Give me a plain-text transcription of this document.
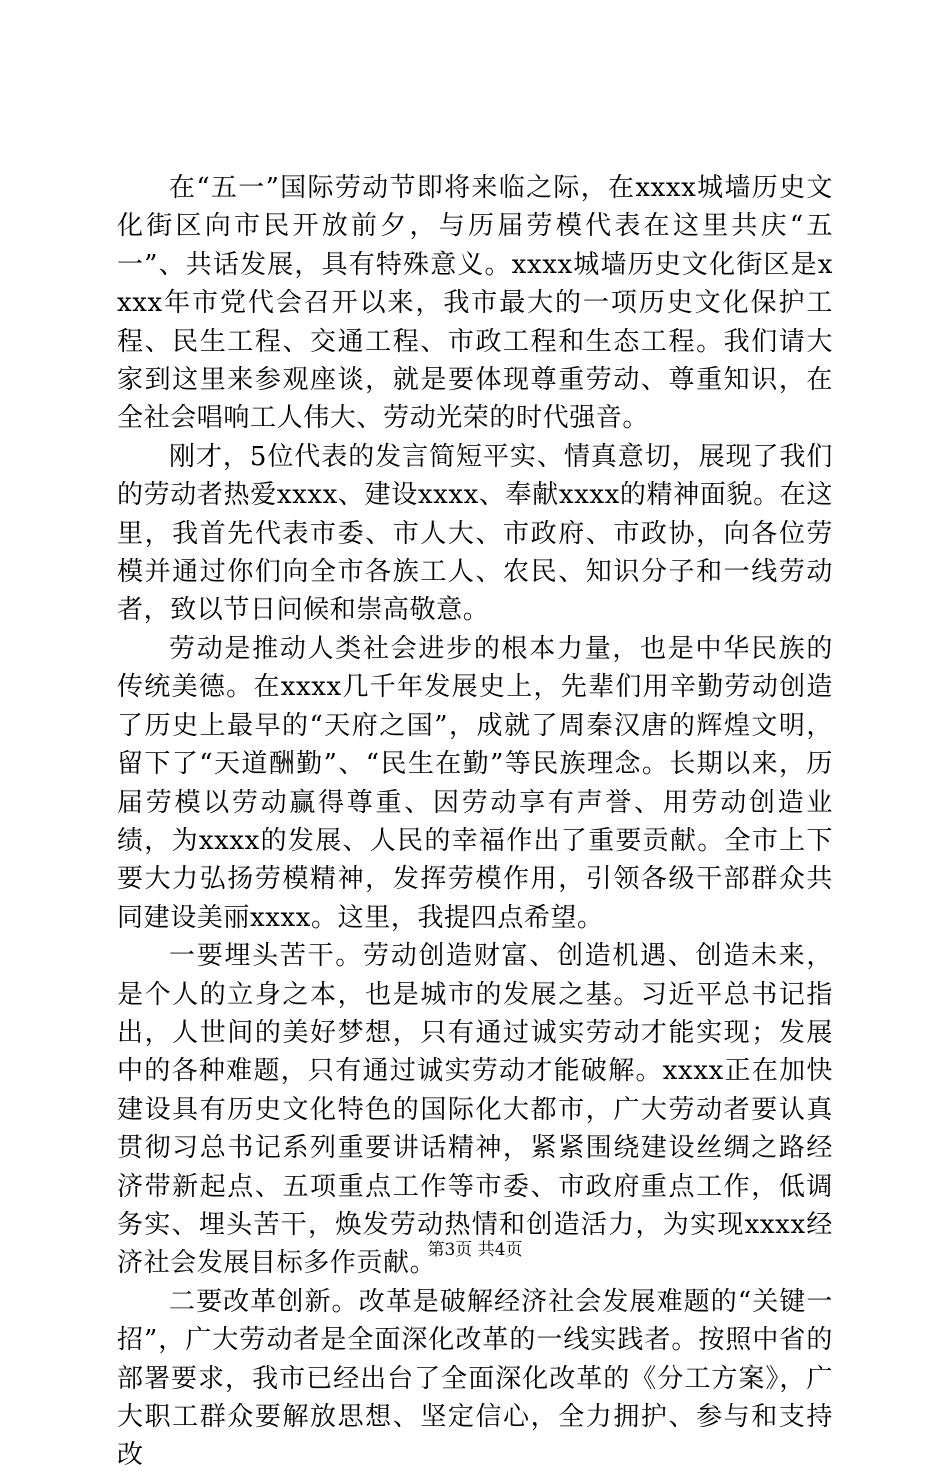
在“五一”国际劳动节即将来临之际，在xxxx城墙历史文化街区向市民开放前夕，与历届劳模代表在这里共庆“五一”、共话发展，具有特殊意义。xxxx城墙历史文化街区是xxxx年市党代会召开以来，我市最大的一项历史文化保护工程、民生工程、交通工程、市政工程和生态工程。我们请大家到这里来参观座谈，就是要体现尊重劳动、尊重知识，在全社会唱响工人伟大、劳动光荣的时代强音。

刚才，5位代表的发言简短平实、情真意切，展现了我们的劳动者热爱xxxx、建设xxxx、奉献xxxx的精神面貌。在这里，我首先代表市委、市人大、市政府、市政协，向各位劳模并通过你们向全市各族工人、农民、知识分子和一线劳动者，致以节日问候和崇高敬意。

劳动是推动人类社会进步的根本力量，也是中华民族的传统美德。在xxxx几千年发展史上，先辈们用辛勤劳动创造了历史上最早的“天府之国”，成就了周秦汉唐的辉煌文明，留下了“天道酬勤”、“民生在勤”等民族理念。长期以来，历届劳模以劳动赢得尊重、因劳动享有声誉、用劳动创造业绩，为xxxx的发展、人民的幸福作出了重要贡献。全市上下要大力弘扬劳模精神，发挥劳模作用，引领各级干部群众共同建设美丽xxxx。这里，我提四点希望。

一要埋头苦干。劳动创造财富、创造机遇、创造未来，是个人的立身之本，也是城市的发展之基。习近平总书记指出，人世间的美好梦想，只有通过诚实劳动才能实现；发展中的各种难题，只有通过诚实劳动才能破解。xxxx正在加快建设具有历史文化特色的国际化大都市，广大劳动者要认真贯彻习总书记系列重要讲话精神，紧紧围绕建设丝绸之路经济带新起点、五项重点工作等市委、市政府重点工作，低调务实、埋头苦干，焕发劳动热情和创造活力，为实现xxxx经济社会发展目标多作贡献。

二要改革创新。改革是破解经济社会发展难题的“关键一招”，广大劳动者是全面深化改革的一线实践者。按照中省的部署要求，我市已经出台了全面深化改革的《分工方案》，广大职工群众要解放思想、坚定信心，全力拥护、参与和支持改

第3页 共4页
